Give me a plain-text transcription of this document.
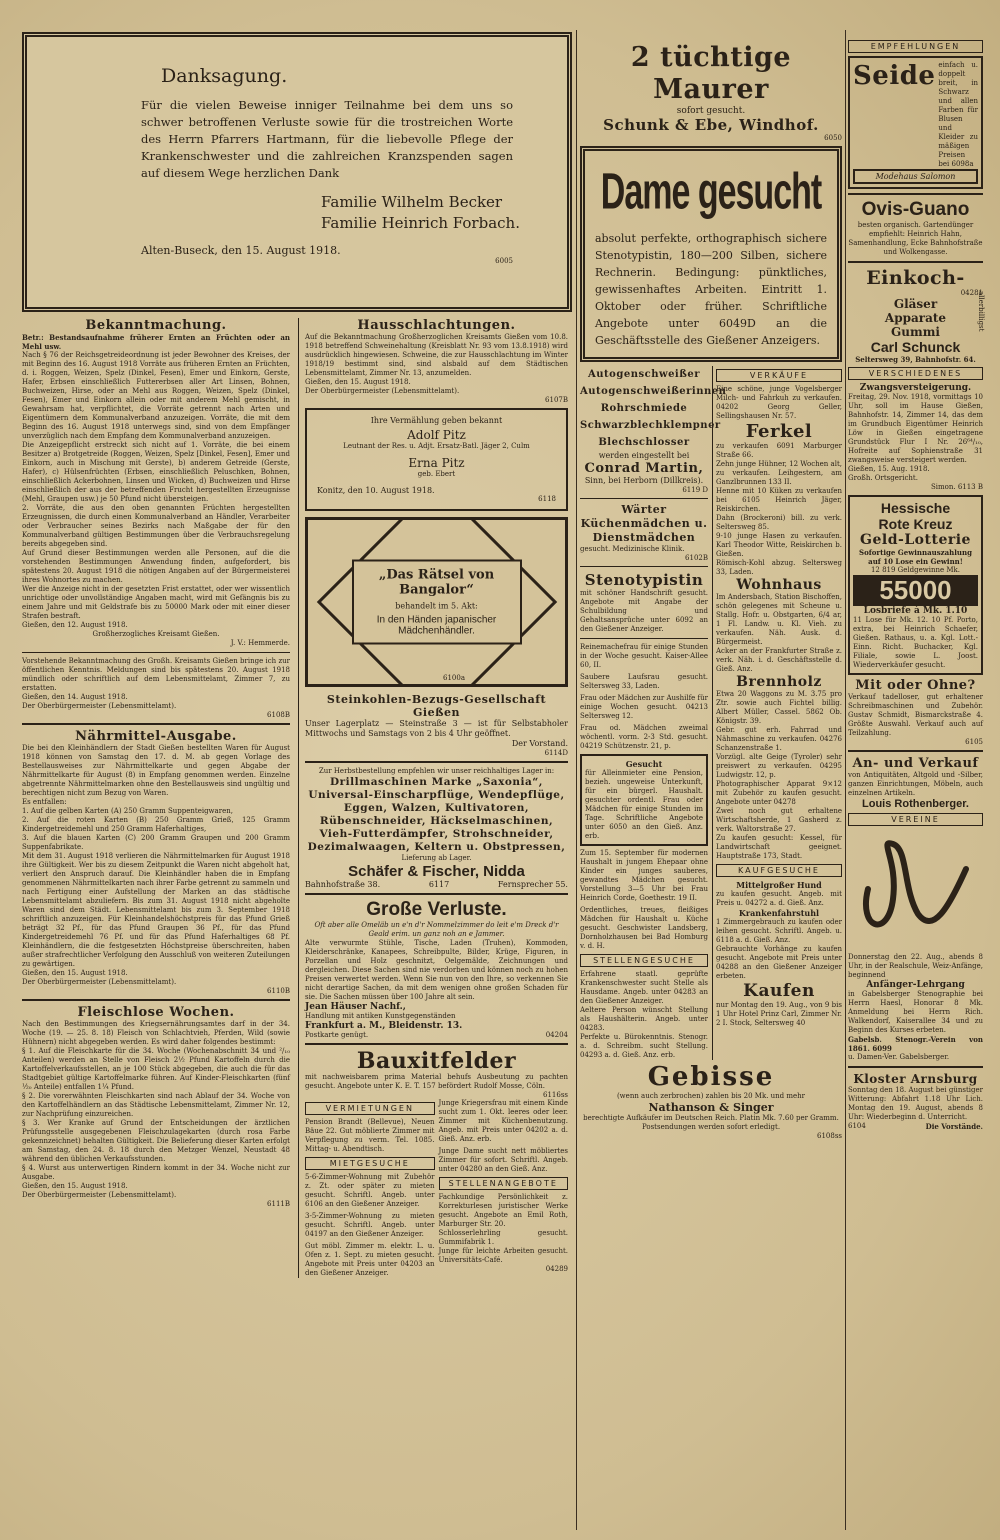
Danksagung.
Für die vielen Beweise inniger Teilnahme bei dem uns so schwer betroffenen Verluste sowie für die trostreichen Worte des Herrn Pfarrers Hartmann, für die liebevolle Pflege der Krankenschwester und die zahlreichen Kranzspenden sagen auf diesem Wege herzlichen Dank
Familie Wilhelm Becker
Familie Heinrich Forbach.
Alten-Buseck, den 15. August 1918.
6005
Bekanntmachung.
Betr.: Bestandsaufnahme früherer Ernten an Früchten oder an Mehl usw.
Nach § 76 der Reichsgetreideordnung ist jeder Bewohner des Kreises, der mit Beginn des 16. August 1918 Vorräte aus früheren Ernten an Früchten, d. i. Roggen, Weizen, Spelz (Dinkel, Fesen), Emer und Einkorn, Gerste, Hafer, Erbsen einschließlich Futtererbsen aller Art Linsen, Bohnen, Buchweizen, Hirse, oder an Mehl aus Roggen, Weizen, Spelz (Dinkel, Fesen), Emer und Einkorn allein oder mit anderem Mehl gemischt, in Gewahrsam hat, verpflichtet, die Vorräte getrennt nach Arten und Eigentümern dem Kommunalverband anzuzeigen. Vorräte, die mit dem Beginn des 16. August 1918 unterwegs sind, sind von dem Empfänger unverzüglich nach dem Empfang dem Kommunalverband anzuzeigen.
Die Anzeigepflicht erstreckt sich nicht auf 1. Vorräte, die bei einem Besitzer a) Brotgetreide (Roggen, Weizen, Spelz [Dinkel, Fesen], Emer und Einkorn, auch in Mischung mit Gerste), b) anderem Getreide (Gerste, Hafer), c) Hülsenfrüchten (Erbsen, einschließlich Peluschken, Bohnen, einschließlich Ackerbohnen, Linsen und Wicken, d) Buchweizen und Hirse einschließlich der aus der betreffenden Frucht hergestellten Erzeugnisse (Mehl, Graupen usw.) je 50 Pfund nicht übersteigen.
2. Vorräte, die aus den oben genannten Früchten hergestellten Erzeugnissen, die durch einen Kommunalverband an Händler, Verarbeiter oder Verbraucher seines Bezirks nach Maßgabe der für den Kommunalverband gültigen Bestimmungen über die Verbrauchsregelung bereits abgegeben sind.
Auf Grund dieser Bestimmungen werden alle Personen, auf die die vorstehenden Bestimmungen Anwendung finden, aufgefordert, bis spätestens 20. August 1918 die nötigen Angaben auf der Bürgermeisterei ihres Wohnortes zu machen.
Wer die Anzeige nicht in der gesetzten Frist erstattet, oder wer wissentlich unrichtige oder unvollständige Angaben macht, wird mit Gefängnis bis zu einem Jahre und mit Geldstrafe bis zu 50000 Mark oder mit einer dieser Strafen bestraft.
Gießen, den 12. August 1918.
Großherzogliches Kreisamt Gießen.
J. V.: Hemmerde.
Vorstehende Bekanntmachung des Großh. Kreisamts Gießen bringe ich zur öffentlichen Kenntnis. Meldungen sind bis spätestens 20. August 1918 mündlich oder schriftlich auf dem Lebensmittelamt, Zimmer 7, zu erstatten.
Gießen, den 14. August 1918.
Der Oberbürgermeister (Lebensmittelamt).
6108B
Nährmittel-Ausgabe.
Die bei den Kleinhändlern der Stadt Gießen bestellten Waren für August 1918 können von Samstag den 17. d. M. ab gegen Vorlage des Bestellausweises zur Nährmittelkarte und gegen Abgabe der Nährmittelkarte für August (8) in Empfang genommen werden. Einzelne abgetrennte Nährmittelmarken ohne den Bestellausweis sind ungültig und berechtigen nicht zum Bezug von Waren.
Es entfallen:
1. Auf die gelben Karten (A) 250 Gramm Suppenteigwaren,
2. Auf die roten Karten (B) 250 Gramm Grieß, 125 Gramm Kindergetreidemehl und 250 Gramm Haferhaltiges,
3. Auf die blauen Karten (C) 200 Gramm Graupen und 200 Gramm Suppenfabrikate.
Mit dem 31. August 1918 verlieren die Nährmittelmarken für August 1918 ihre Gültigkeit. Wer bis zu diesem Zeitpunkt die Waren nicht abgeholt hat, verliert den Anspruch darauf. Die Kleinhändler haben die in Empfang genommenen Nährmittelkarten nach ihrer Farbe getrennt zu sammeln und nach Fertigung einer Aufstellung der Marken an das städtische Lebensmittelamt abzuliefern. Bis zum 31. August 1918 nicht abgeholte Waren sind dem Städt. Lebensmittelamt bis zum 3. September 1918 schriftlich anzuzeigen. Für Kleinhandelshöchstpreis für das Pfund Grieß beträgt 32 Pf., für das Pfund Graupen 36 Pf., für das Pfund Kindergetreidemehl 76 Pf. und für das Pfund Haferhaltiges 68 Pf. Kleinhändlern, die die festgesetzten Höchstpreise überschreiten, haben außer strafrechtlicher Verfolgung den Ausschluß von weiteren Zuteilungen zu gewärtigen.
Gießen, den 15. August 1918.
Der Oberbürgermeister (Lebensmittelamt).
6110B
Fleischlose Wochen.
Nach den Bestimmungen des Kriegsernährungsamtes darf in der 34. Woche (19. — 25. 8. 18) Fleisch von Schlachtvieh, Pferden, Wild (sowie Hühnern) nicht abgegeben werden. Es wird daher folgendes bestimmt:
§ 1. Auf die Fleischkarte für die 34. Woche (Wochenabschnitt 34 und ²/₁₀ Anteilen) werden an Stelle von Fleisch 2½ Pfund Kartoffeln durch die Kartoffelverkaufsstellen, an je 100 Stück abgegeben, die auch die für das Stadtgebiet gültige Kartoffelmarke führen. Auf Kinder-Fleischkarten (fünf ½₀ Anteile) entfallen 1¼ Pfund.
§ 2. Die vorerwähnten Fleischkarten sind nach Ablauf der 34. Woche von den Kartoffelhändlern an das Städtische Lebensmittelamt, Zimmer Nr. 12, zur Nachprüfung einzureichen.
§ 3. Wer Kranke auf Grund der Entscheidungen der ärztlichen Prüfungsstelle ausgegebenen Fleischzulagekarten (durch rosa Farbe gekennzeichnet) behalten Gültigkeit. Die Belieferung dieser Karten erfolgt am Samstag, den 24. 8. 18 durch den Metzger Wenzel, Neustadt 48 während den üblichen Verkaufsstunden.
§ 4. Wurst aus unterwertigen Rindern kommt in der 34. Woche nicht zur Ausgabe.
Gießen, den 15. August 1918.
Der Oberbürgermeister (Lebensmittelamt).
6111B
Hausschlachtungen.
Auf die Bekanntmachung Großherzoglichen Kreisamts Gießen vom 10.8. 1918 betreffend Schweinehaltung (Kreisblatt Nr. 93 vom 13.8.1918) wird ausdrücklich hingewiesen. Schweine, die zur Hausschlachtung im Winter 1918/19 bestimmt sind, sind alsbald auf dem Städtischen Lebensmittelamt, Zimmer Nr. 13, anzumelden.
Gießen, den 15. August 1918.
Der Oberbürgermeister (Lebensmittelamt).
6107B
Ihre Vermählung geben bekannt
Adolf Pitz
Leutnant der Res. u. Adjt. Ersatz-Batl. Jäger 2, Culm
Erna Pitz
geb. Ebert
Konitz, den 10. August 1918.
6118
„Das Rätsel von Bangalor“
behandelt im 5. Akt:
In den Händen japanischer
Mädchenhändler.
6100a
Steinkohlen-Bezugs-Gesellschaft Gießen
Unser Lagerplatz — Steinstraße 3 — ist für Selbstabholer Mittwochs und Samstags von 2 bis 4 Uhr geöffnet.
Der Vorstand.
6114D
Zur Herbstbestellung empfehlen wir unser reichhaltiges Lager in:
Drillmaschinen Marke „Saxonia“, Universal-Einscharpflüge, Wendepflüge, Eggen, Walzen, Kultivatoren, Rübenschneider, Häckselmaschinen, Vieh-Futterdämpfer, Strohschneider, Dezimalwaagen, Keltern u. Obstpressen,
Lieferung ab Lager.
Schäfer & Fischer, Nidda
Bahnhofstraße 38.	6117	Fernsprecher 55.
Große Verluste.
Oft aber alle Omeläb un e'n d'r Nommelzimmer do leit e'm Dreck d'r Geald erim. un ganz noh an e Jammer.
Alte verwurmte Stühle, Tische, Laden (Truhen), Kommoden, Kleiderschränke, Kanapees, Schreibpulte, Bilder, Krüge, Figuren, in Porzellan und Holz geschnitzt, Oelgemälde, Zeichnungen und dergleichen. Diese Sachen sind nie verdorben und können noch zu hohen Preisen verwertet werden. Wenn Sie nun von den Ihre, so verkennen Sie nicht derartige Sachen, da mit dem wenigen ohne großen Schaden für sie. Die Sachen müssen über 100 Jahre alt sein.
Jean Häuser Nachf.,
Handlung mit antiken Kunstgegenständen
Frankfurt a. M., Bleidenstr. 13.
Postkarte genügt.	04204
Bauxitfelder
mit nachweisbarem prima Material behufs Ausbeutung zu pachten gesucht. Angebote unter K. E. T. 157 befördert Rudolf Mosse, Cöln.
6116ss
VERMIETUNGEN
Pension Brandt (Bellevue), Neuen Bäue 22. Gut möblierte Zimmer mit Verpflegung zu verm. Tel. 1085. Mittag- u. Abendtisch.
MIETGESUCHE
5-6-Zimmer-Wohnung mit Zubehör z. Zt. oder später zu mieten gesucht. Schriftl. Angeb. unter 6106 an den Gießener Anzeiger.
3-5-Zimmer-Wohnung zu mieten gesucht. Schriftl. Angeb. unter 04197 an den Gießener Anzeiger.
Gut möbl. Zimmer m. elektr. L. u. Ofen z. 1. Sept. zu mieten gesucht. Angebote mit Preis unter 04203 an den Gießener Anzeiger.
Junge Kriegersfrau mit einem Kinde sucht zum 1. Okt. leeres oder leer. Zimmer mit Küchenbenutzung. Angeb. mit Preis unter 04202 a. d. Gieß. Anz. erb.
Junge Dame sucht nett möbliertes Zimmer für sofort. Schriftl. Angeb. unter 04280 an den Gieß. Anz.
STELLENANGEBOTE
Fachkundige Persönlichkeit z. Korrekturlesen juristischer Werke gesucht. Angebote an Emil Roth, Marburger Str. 20.
Schlosserlehrling gesucht. Gummifabrik 1.
Junge für leichte Arbeiten gesucht. Universitäts-Café.
04289
2 tüchtige Maurer
sofort gesucht.
Schunk & Ebe, Windhof.
6050
Dame gesucht
absolut perfekte, orthographisch sichere Stenotypistin, 180—200 Silben, sichere Rechnerin. Bedingung: pünktliches, gewissenhaftes Arbeiten. Eintritt 1. Oktober oder früher. Schriftliche Angebote unter 6049D an die Geschäftsstelle des Gießener Anzeigers.
Autogenschweißer Autogenschweißerinnen Rohrschmiede Schwarzblechklempner Blechschlosser
werden eingestellt bei
Conrad Martin,
Sinn, bei Herborn (Dillkreis).
6119 D
Wärter Küchenmädchen u. Dienstmädchen
gesucht. Medizinische Klinik.
6102B
Stenotypistin
mit schöner Handschrift gesucht. Angebote mit Angabe der Schulbildung und Gehaltsansprüche unter 6092 an den Gießener Anzeiger.
Reinemachefrau für einige Stunden in der Woche gesucht. Kaiser-Allee 60, II.
Saubere Laufsrau gesucht. Seltersweg 33, Laden.
Frau oder Mädchen zur Aushilfe für einige Wochen gesucht. 04213 Seltersweg 12.
Frau od. Mädchen zweimal wöchentl. vorm. 2-3 Std. gesucht. 04219 Schützenstr. 21, p.
Gesucht
für Alleinmieter eine Pension, bezieh. ungeweise Unterkunft, für ein bürgerl. Haushalt. gesuchter ordentl. Frau oder Mädchen für einige Stunden im Tage. Schriftliche Angebote unter 6050 an den Gieß. Anz. erb.
Zum 15. September für modernen Haushalt in jungem Ehepaar ohne Kinder ein junges sauberes, gewandtes Mädchen gesucht. Vorstellung 3—5 Uhr bei Frau Heinrich Corde, Goethestr. 19 II.
Ordentliches, treues, fleißiges Mädchen für Haushalt u. Küche gesucht. Geschwister Landsberg, Dornholzhausen bei Bad Homburg v. d. H.
STELLENGESUCHE
Erfahrene staatl. geprüfte Krankenschwester sucht Stelle als Hausdame. Angeb. unter 04283 an den Gießener Anzeiger.
Aeltere Person wünscht Stellung als Haushälterin. Angeb. unter 04283.
Perfekte u. Bürokenntnis. Stenogr. a. d. Schreibm. sucht Stellung. 04293 a. d. Gieß. Anz. erb.
VERKÄUFE
Eine schöne, junge Vogelsberger Milch- und Fahrkuh zu verkaufen. 04202 Georg Geller, Sellingshausen Nr. 57.
Ferkel
zu verkaufen 6091 Marburger Straße 66.
Zehn junge Hühner, 12 Wochen alt, zu verkaufen. Leihgestern, am Ganzlbrunnen 133 II.
Henne mit 10 Küken zu verkaufen bei 6105 Heinrich Jäger, Reiskirchen.
Dahn (Brockeroni) bill. zu verk. Seltersweg 85.
9-10 junge Hasen zu verkaufen. Karl Theodor Witte, Reiskirchen b. Gießen.
Römisch-Kohl abzug. Seltersweg 33, Laden.
Wohnhaus
Im Andersbach, Station Bischoffen, schön gelegenes mit Scheune u. Stallg. Hofr. u. Obstgarten, 6/4 ar, 1 Fl. Landw. u. Kl. Vieh. zu verkaufen. Näh. Ausk. d. Bürgermeist.
Acker an der Frankfurter Straße z. verk. Näh. i. d. Geschäftsstelle d. Gieß. Anz.
Brennholz
Etwa 20 Waggons zu M. 3.75 pro Ztr. sowie auch Fichtel billig. Albert Müller, Cassel. 5862 Ob. Königstr. 39.
Gebr. gut erh. Fahrrad und Nähmaschine zu verkaufen. 04276 Schanzenstraße 1.
Vorzügl. alte Geige (Tyroler) sehr preiswert zu verkaufen. 04295 Ludwigstr. 12, p.
Photographischer Apparat 9×12 mit Zubehör zu kaufen gesucht. Angebote unter 04278
Zwei noch gut erhaltene Wirtschaftsherde, 1 Gasherd z. verk. Waltorstraße 27.
Zu kaufen gesucht: Kessel, für Landwirtschaft geeignet. Hauptstraße 173, Stadt.
KAUFGESUCHE
Mittelgroßer Hund
zu kaufen gesucht. Angeb. mit Preis u. 04272 a. d. Gieß. Anz.
Krankenfahrstuhl
1 Zimmergebrauch zu kaufen oder leihen gesucht. Schriftl. Angeb. u. 6118 a. d. Gieß. Anz.
Gebrauchte Vorhänge zu kaufen gesucht. Angebote mit Preis unter 04288 an den Gießener Anzeiger erbeten.
Kaufen
nur Montag den 19. Aug., von 9 bis 1 Uhr Hotel Prinz Carl, Zimmer Nr. 2 I. Stock, Seltersweg 40
Gebisse
(wenn auch zerbrochen) zahlen bis 20 Mk. und mehr
Nathanson & Singer
berechtigte Aufkäufer im Deutschen Reich. Platin Mk. 7.60 per Gramm. Postsendungen werden sofort erledigt.
6108ss
EMPFEHLUNGEN
Seide einfach u. doppelt breit, in Schwarz und allen Farben für Blusen und Kleider zu mäßigen Preisen bei 6098a
Modehaus Salomon
Ovis-Guano
besten organisch. Gartendünger empfiehlt: Heinrich Hahn, Samenhandlung, Ecke Bahnhofstraße und Wolkengasse.
Einkoch-
04281
Gläser
Apparate
Gummi
allerbilligst
Carl Schunck
Seltersweg 39, Bahnhofstr. 64.
VERSCHIEDENES
Zwangsversteigerung.
Freitag, 29. Nov. 1918, vormittags 10 Uhr, soll im Hause Gießen, Bahnhofstr. 14, Zimmer 14, das dem im Grundbuch Eigentümer Heinrich Löw in Gießen eingetragene Grundstück Flur I Nr. 26⁶⁴/₁₀, Hofreite auf Sophienstraße 31 zwangsweise versteigert werden.
Gießen, 15. Aug. 1918.
Großh. Ortsgericht.
Simon. 6113 B
Hessische
Rote Kreuz
Geld-Lotterie
Sofortige Gewinnauszahlung auf 10 Lose ein Gewinn!
12 819 Geldgewinne Mk.
55000
Losbriefe à Mk. 1.10
11 Lose für Mk. 12. 10 Pf. Porto, extra, bei Heinrich Schaefer, Gießen. Rathaus, u. a. Kgl. Lott.-Einn. Richt. Buchacker, Kgl. Filiale, sowie L. Joost. Wiederverkäufer gesucht.
Mit oder Ohne?
Verkauf tadelloser, gut erhaltener Schreibmaschinen und Zubehör. Gustav Schmidt, Bismarckstraße 4. Größte Auswahl. Verkauf auch auf Teilzahlung.
6105
An- und Verkauf
von Antiquitäten, Altgold und -Silber, ganzen Einrichtungen, Möbeln, auch einzelnen Artikeln.
Louis Rothenberger.
VEREINE
Donnerstag den 22. Aug., abends 8 Uhr, in der Realschule, Weiz-Anfänge, beginnend
Anfänger-Lehrgang
in Gabelsberger Stenographie bei Herrn Haesl, Honorar 8 Mk. Anmeldung bei Herrn Rich. Walkendorf, Kaiserallee 34 und zu Beginn des Kurses erbeten.
Gabelsb. Stenogr.-Verein von 1861. 6099
u. Damen-Ver. Gabelsberger.
Kloster Arnsburg
Sonntag den 18. August bei günstiger Witterung: Abfahrt 1.18 Uhr Lich. Montag den 19. August, abends 8 Uhr: Wiederbeginn d. Unterricht.
6104	Die Vorstände.
